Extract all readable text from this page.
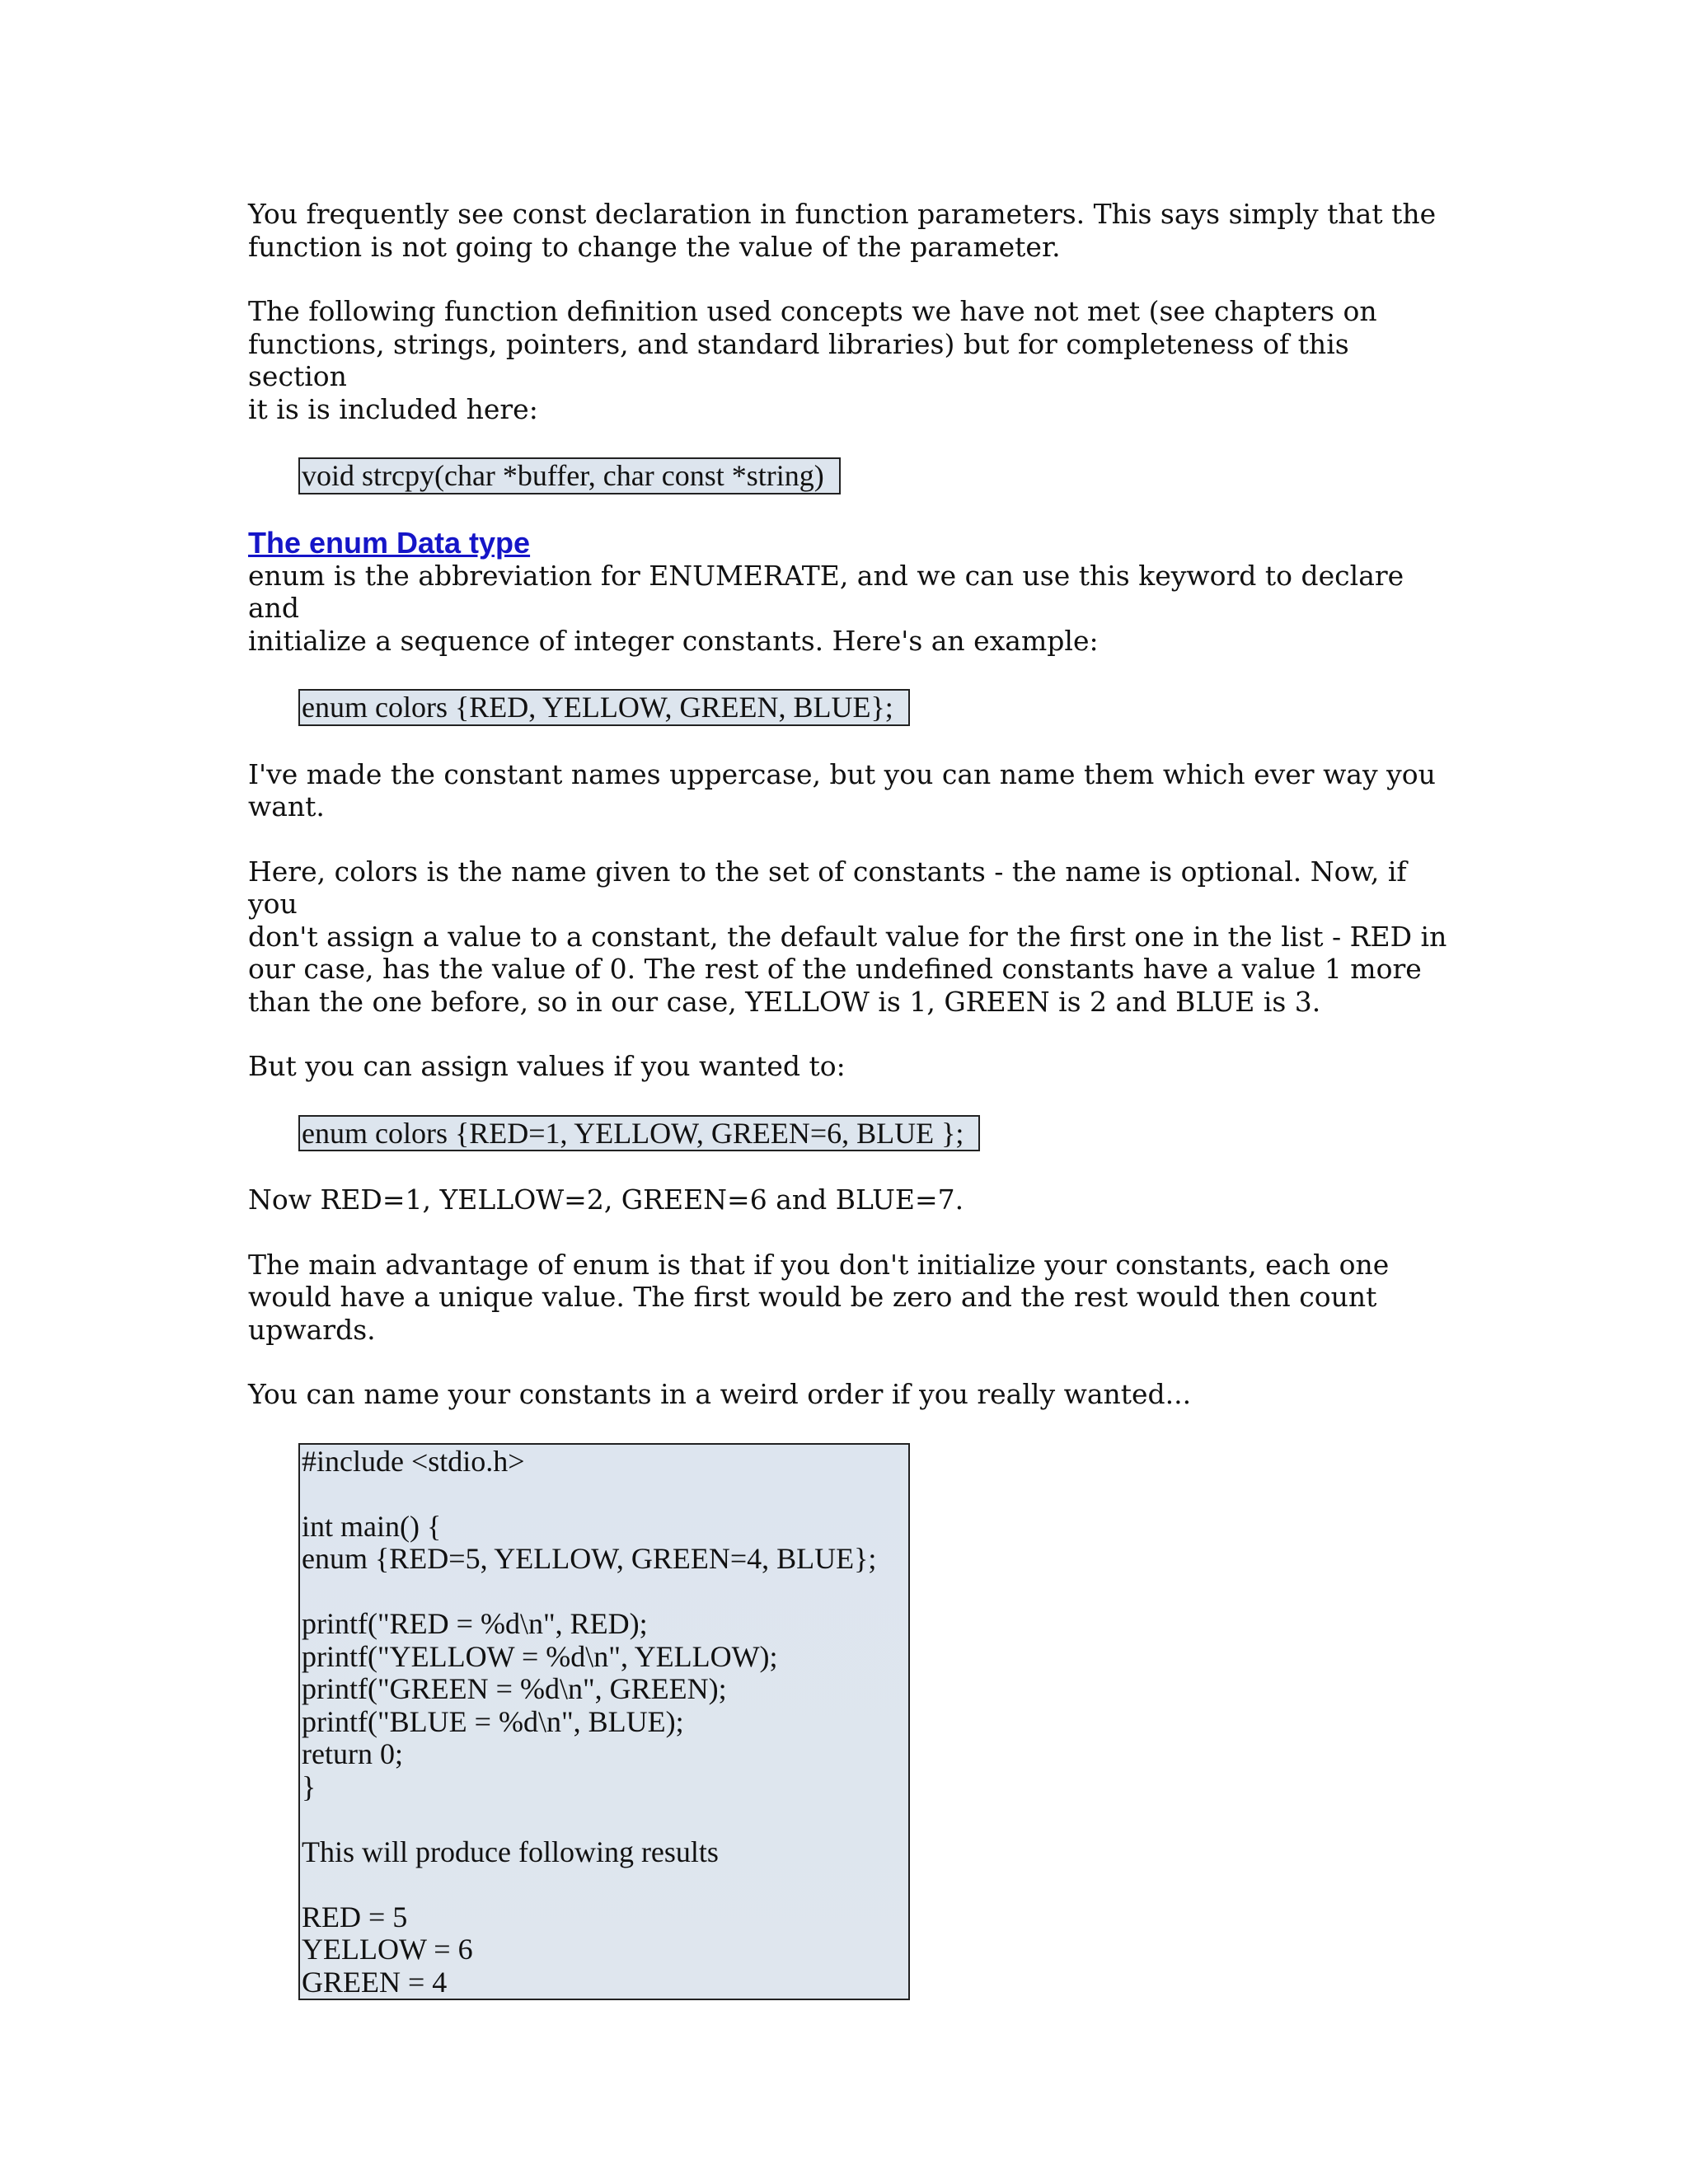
You frequently see const declaration in function parameters. This says simply that the
function is not going to change the value of the parameter.

The following function definition used concepts we have not met (see chapters on
functions, strings, pointers, and standard libraries) but for completeness of this section
it is is included here:

void strcpy(char *buffer, char const *string)
The enum Data type

enum is the abbreviation for ENUMERATE, and we can use this keyword to declare and
initialize a sequence of integer constants. Here's an example:

enum colors {RED, YELLOW, GREEN, BLUE};

I've made the constant names uppercase, but you can name them which ever way you
want.

Here, colors is the name given to the set of constants - the name is optional. Now, if you
don't assign a value to a constant, the default value for the first one in the list - RED in
our case, has the value of 0. The rest of the undefined constants have a value 1 more
than the one before, so in our case, YELLOW is 1, GREEN is 2 and BLUE is 3.

But you can assign values if you wanted to:

enum colors {RED=1, YELLOW, GREEN=6, BLUE };

Now RED=1, YELLOW=2, GREEN=6 and BLUE=7.

The main advantage of enum is that if you don't initialize your constants, each one
would have a unique value. The first would be zero and the rest would then count
upwards.

You can name your constants in a weird order if you really wanted...

#include <stdio.h>
int main() {
enum {RED=5, YELLOW, GREEN=4, BLUE};
printf("RED = %d\n", RED);
printf("YELLOW = %d\n", YELLOW);
printf("GREEN = %d\n", GREEN);
printf("BLUE = %d\n", BLUE);
return 0;
}
This will produce following results
RED = 5
YELLOW = 6
GREEN = 4
